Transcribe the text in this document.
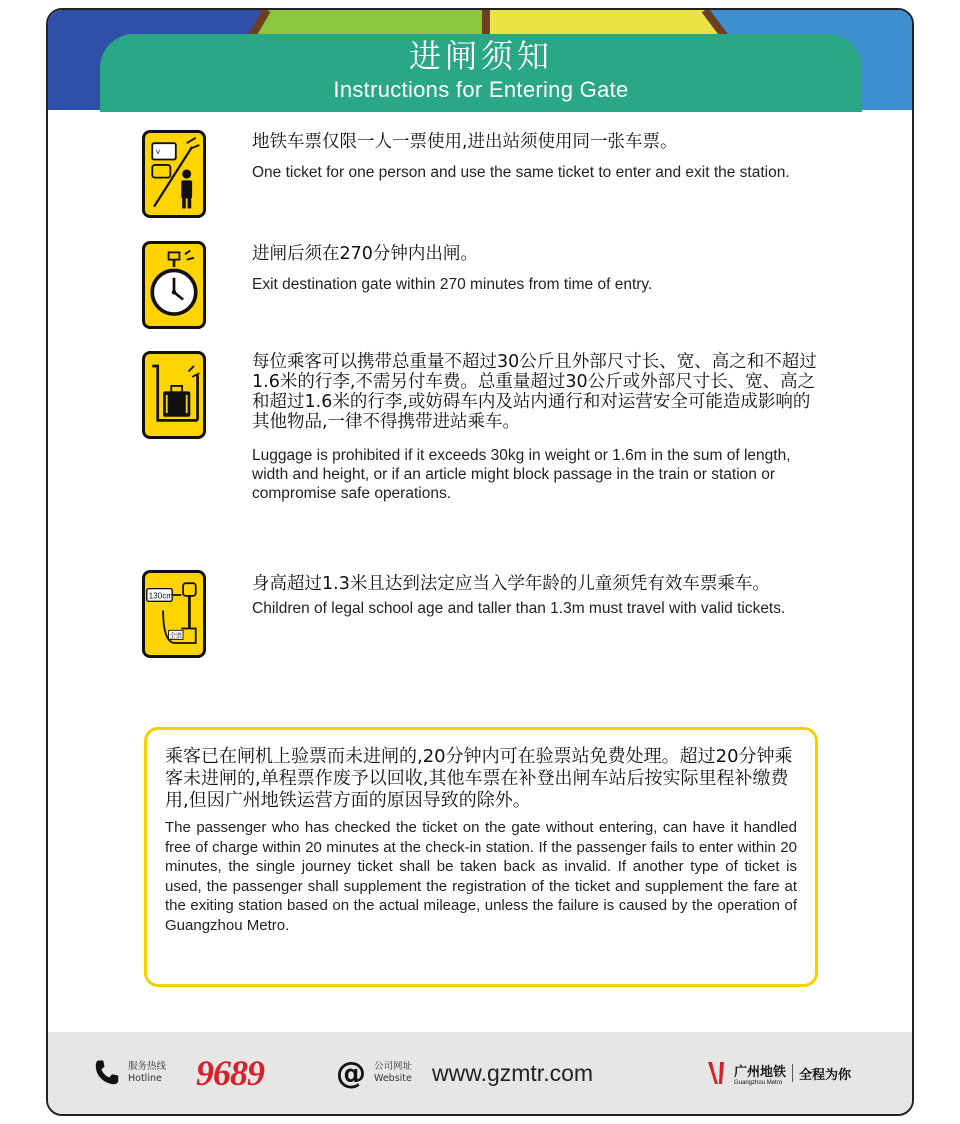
进闸须知
Instructions for Entering Gate
V
地铁车票仅限一人一票使用,进出站须使用同一张车票。
One ticket for one person and use the same ticket to enter and exit the station.
进闸后须在270分钟内出闸。
Exit destination gate within 270 minutes from time of entry.
每位乘客可以携带总重量不超过30公斤且外部尺寸长、宽、高之和不超过1.6米的行李,不需另付车费。总重量超过30公斤或外部尺寸长、宽、高之和超过1.6米的行李,或妨碍车内及站内通行和对运营安全可能造成影响的其他物品,一律不得携带进站乘车。
Luggage is prohibited if it exceeds 30kg in weight or 1.6m in the sum of length, width and height, or if an article might block passage in the train or station or compromise safe operations.
130cm
全票
身高超过1.3米且达到法定应当入学年龄的儿童须凭有效车票乘车。
Children of legal school age and taller than 1.3m must travel with valid tickets.
乘客已在闸机上验票而未进闸的,20分钟内可在验票站免费处理。超过20分钟乘客未进闸的,单程票作废予以回收,其他车票在补登出闸车站后按实际里程补缴费用,但因广州地铁运营方面的原因导致的除外。
The passenger who has checked the ticket on the gate without entering, can have it handled free of charge within 20 minutes at the check-in station. If the passenger fails to enter within 20 minutes, the single journey ticket shall be taken back as invalid. If another type of ticket is used, the passenger shall supplement the registration of the ticket and supplement the fare at the exiting station based on the actual mileage, unless the failure is caused by the operation of Guangzhou Metro.
服务热线
Hotline 9689 @ 公司网址
Website www.gzmtr.com	广州地铁
Guangzhou Metro	全程为你
